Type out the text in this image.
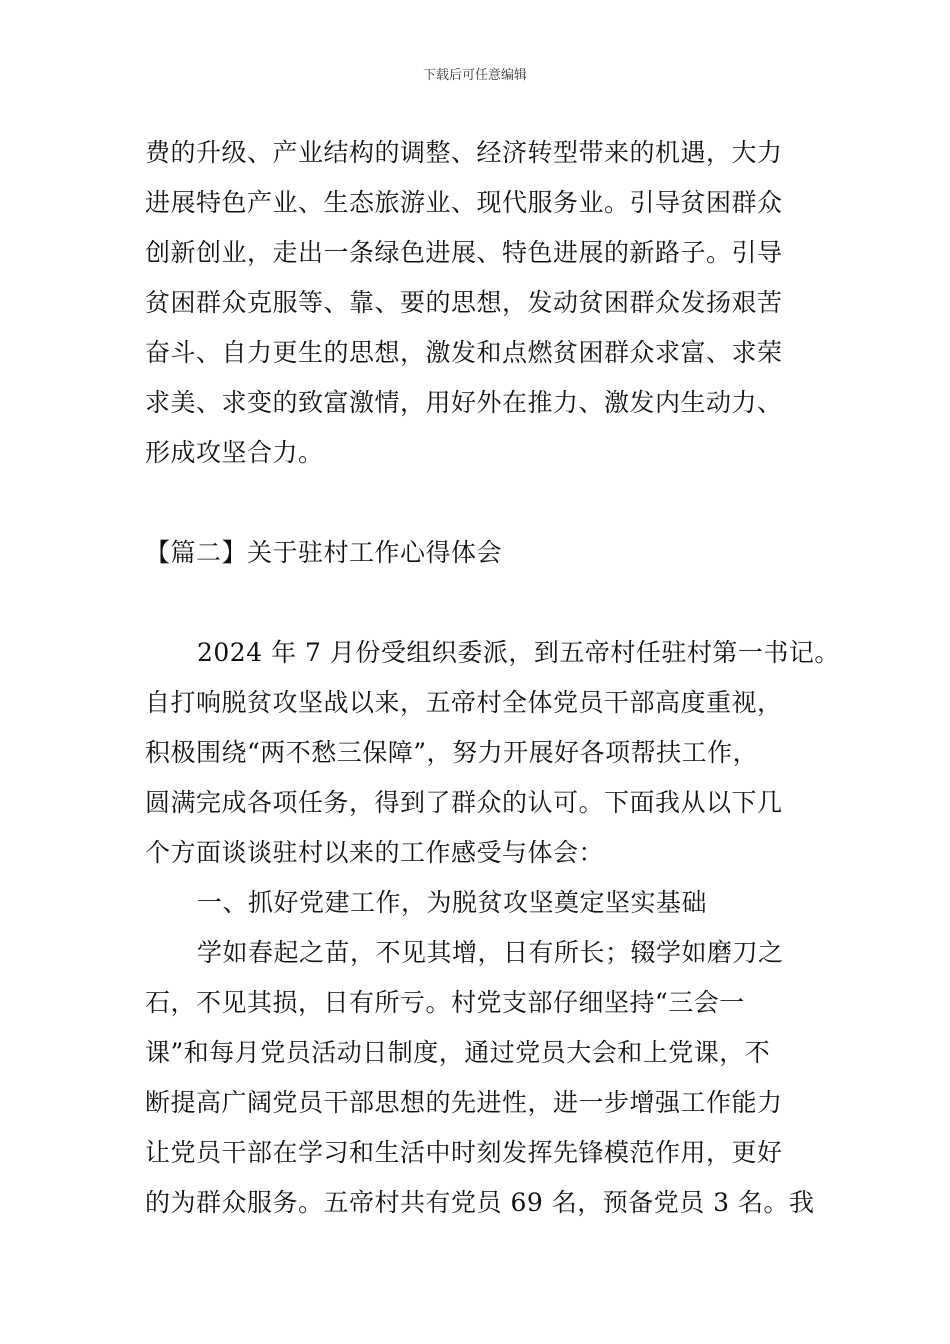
下载后可任意编辑
费的升级、产业结构的调整、经济转型带来的机遇，大力
进展特色产业、生态旅游业、现代服务业。引导贫困群众
创新创业，走出一条绿色进展、特色进展的新路子。引导
贫困群众克服等、靠、要的思想，发动贫困群众发扬艰苦
奋斗、自力更生的思想，激发和点燃贫困群众求富、求荣
求美、求变的致富激情，用好外在推力、激发内生动力、
形成攻坚合力。
【篇二】关于驻村工作心得体会
2024 年 7 月份受组织委派，到五帝村任驻村第一书记。
自打响脱贫攻坚战以来，五帝村全体党员干部高度重视，
积极围绕“两不愁三保障”，努力开展好各项帮扶工作，
圆满完成各项任务，得到了群众的认可。下面我从以下几
个方面谈谈驻村以来的工作感受与体会：
一、抓好党建工作，为脱贫攻坚奠定坚实基础
学如春起之苗，不见其增，日有所长；辍学如磨刀之
石，不见其损，日有所亏。村党支部仔细坚持“三会一
课”和每月党员活动日制度，通过党员大会和上党课，不
断提高广阔党员干部思想的先进性，进一步增强工作能力
让党员干部在学习和生活中时刻发挥先锋模范作用，更好
的为群众服务。五帝村共有党员 69 名，预备党员 3 名。我
